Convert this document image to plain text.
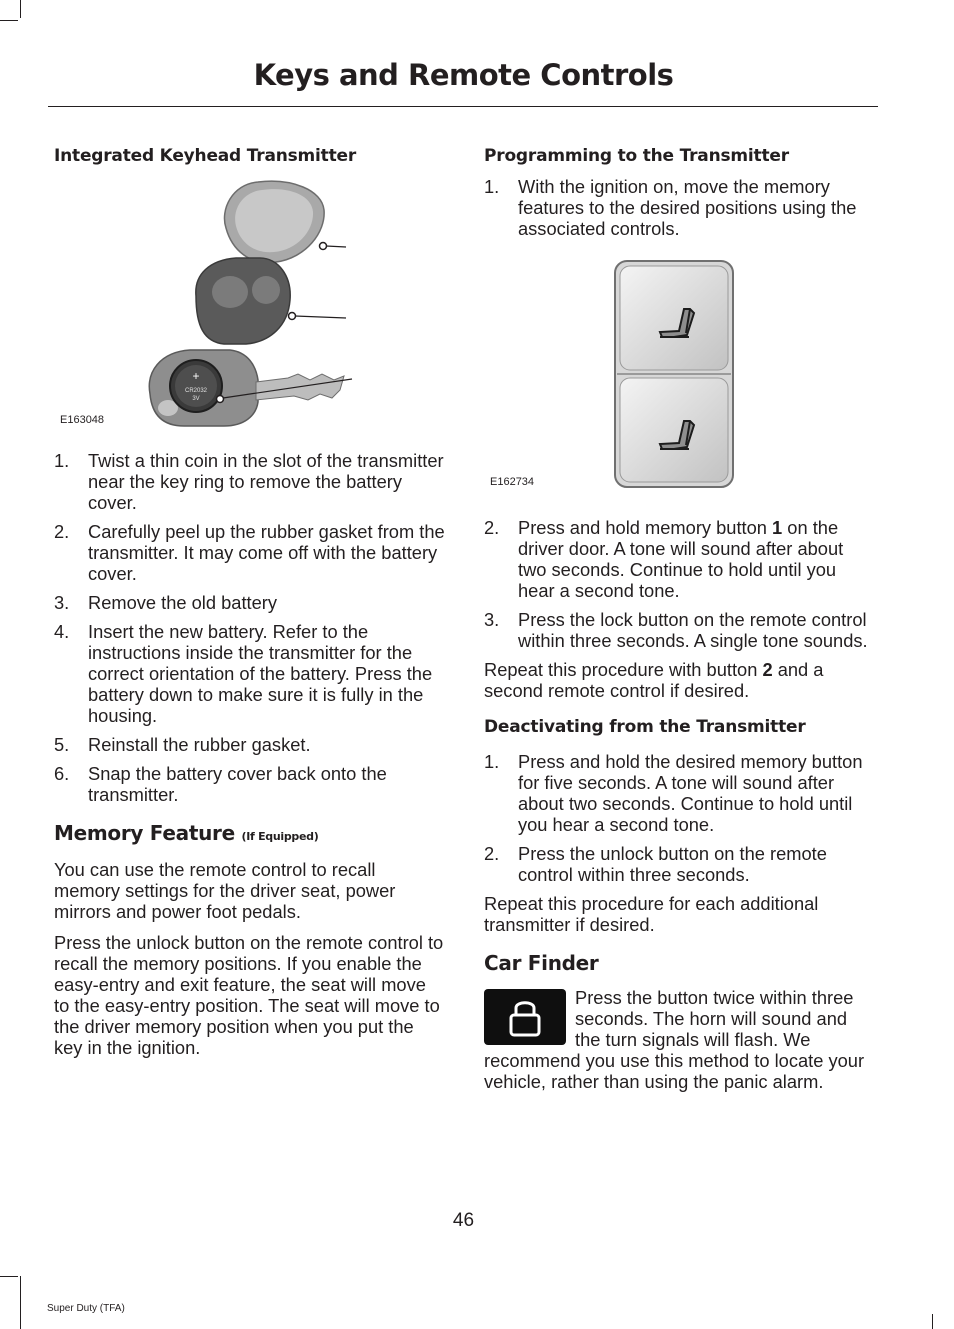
Keys and Remote Controls
Integrated Keyhead Transmitter
+
CR2032
3V
E163048
1. Twist a thin coin in the slot of the transmitter near the key ring to remove the battery cover.
2. Carefully peel up the rubber gasket from the transmitter. It may come off with the battery cover.
3. Remove the old battery
4. Insert the new battery. Refer to the instructions inside the transmitter for the correct orientation of the battery. Press the battery down to make sure it is fully in the housing.
5. Reinstall the rubber gasket.
6. Snap the battery cover back onto the transmitter.
Memory Feature (If Equipped)

You can use the remote control to recall memory settings for the driver seat, power mirrors and power foot pedals.

Press the unlock button on the remote control to recall the memory positions. If you enable the easy-entry and exit feature, the seat will move to the easy-entry position. The seat will move to the driver memory position when you put the key in the ignition.

Programming to the Transmitter
1. With the ignition on, move the memory features to the desired positions using the associated controls.
E162734
2. Press and hold memory button 1 on the driver door. A tone will sound after about two seconds. Continue to hold until you hear a second tone.
3. Press the lock button on the remote control within three seconds. A single tone sounds.

Repeat this procedure with button 2 and a second remote control if desired.

Deactivating from the Transmitter
1. Press and hold the desired memory button for five seconds. A tone will sound after about two seconds. Continue to hold until you hear a second tone.
2. Press the unlock button on the remote control within three seconds.

Repeat this procedure for each additional transmitter if desired.

Car Finder

Press the button twice within three seconds. The horn will sound and the turn signals will flash. We recommend you use this method to locate your vehicle, rather than using the panic alarm.

46
Super Duty (TFA)
